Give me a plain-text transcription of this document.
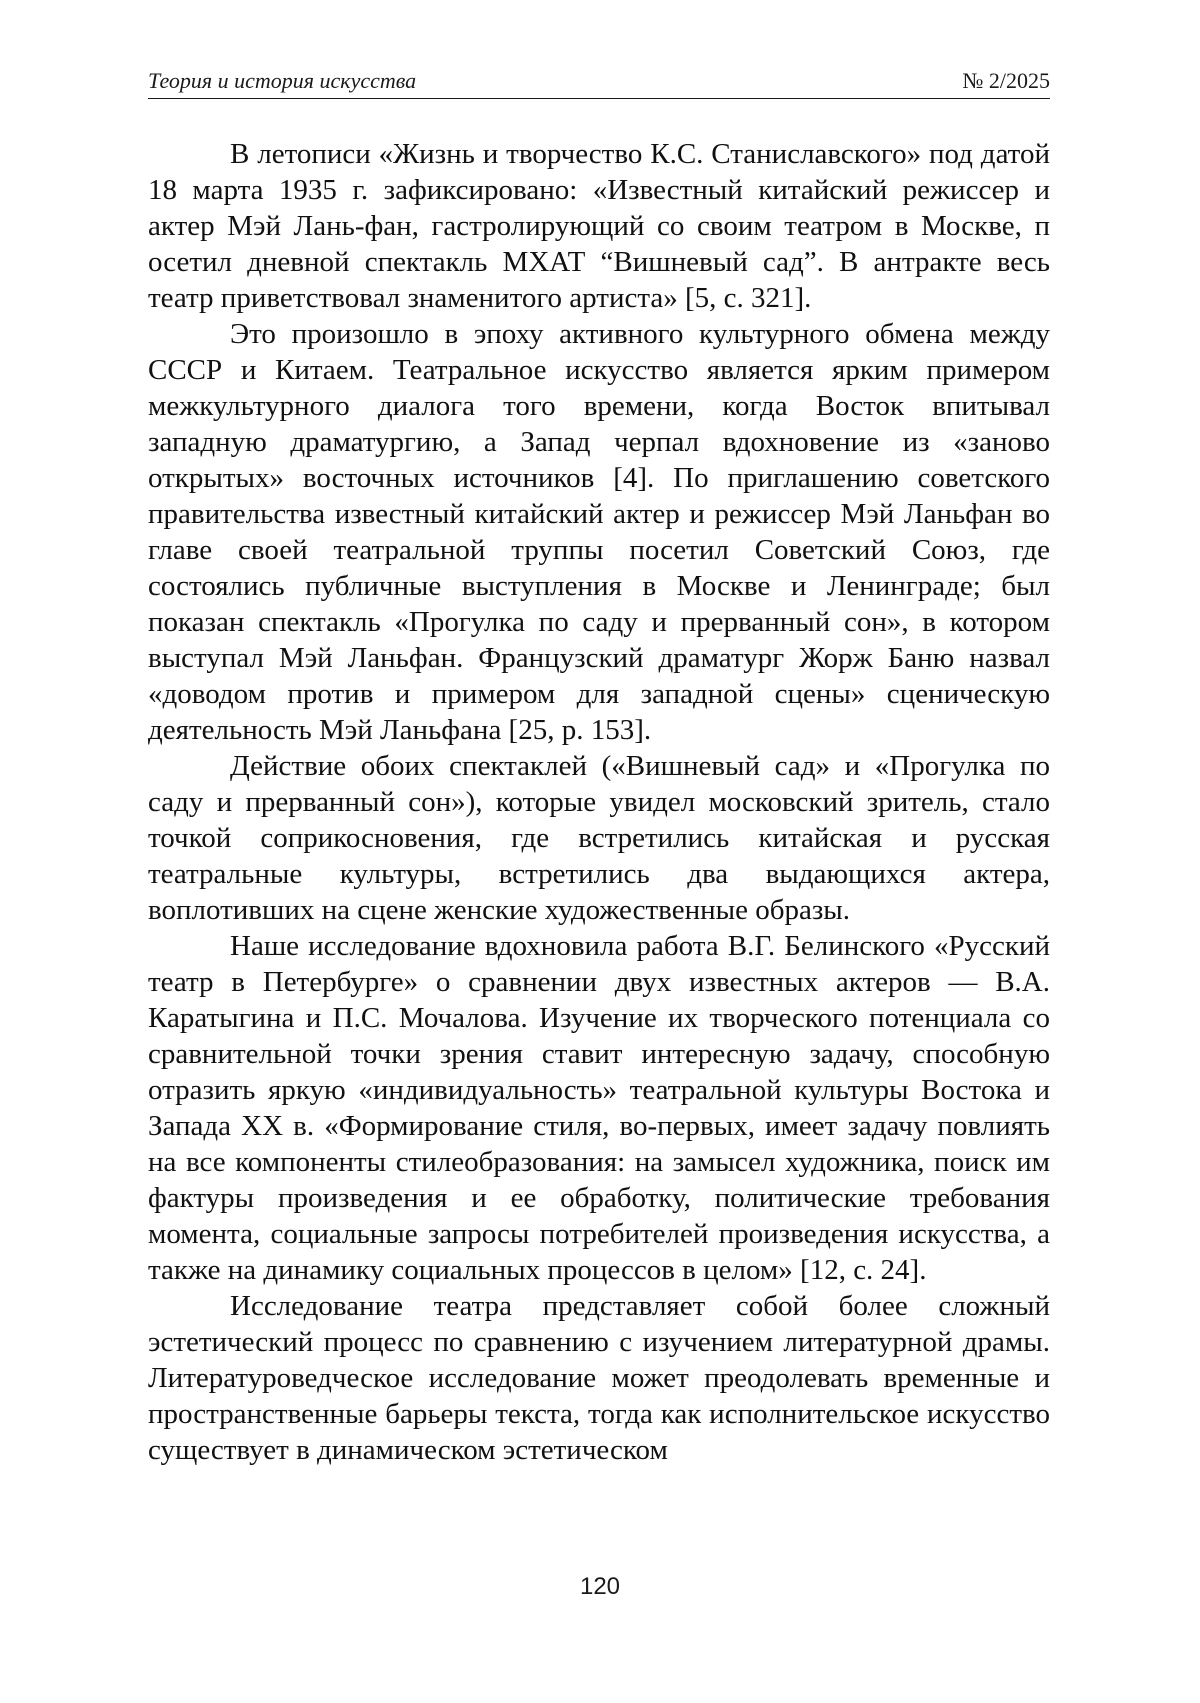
Теория и история искусства	№ 2/2025

В летописи «Жизнь и творчество К.С. Станиславского» под датой 18 марта 1935 г. зафиксировано: «Известный китайский режиссер и актер Мэй Лань-фан, гастролирующий со своим театром в Москве, п осетил дневной спектакль МХАТ “Вишневый сад”. В антракте весь театр приветствовал знаменитого артиста» [5, с. 321].

Это произошло в эпоху активного культурного обмена между СССР и Китаем. Театральное искусство является ярким примером межкультурного диалога того времени, когда Восток впитывал западную драматургию, а Запад черпал вдохновение из «заново открытых» восточных источников [4]. По приглашению советского правительства известный китайский актер и режиссер Мэй Ланьфан во главе своей театральной труппы посетил Советский Союз, где состоялись публичные выступления в Москве и Ленинграде; был показан спектакль «Прогулка по саду и прерванный сон», в котором выступал Мэй Ланьфан. Французский драматург Жорж Баню назвал «доводом против и примером для западной сцены» сценическую деятельность Мэй Ланьфана [25, p. 153].

Действие обоих спектаклей («Вишневый сад» и «Прогулка по саду и прерванный сон»), которые увидел московский зритель, стало точкой соприкосновения, где встретились китайская и русская театральные культуры, встретились два выдающихся актера, воплотивших на сцене женские художественные образы.

Наше исследование вдохновила работа В.Г. Белинского «Русский театр в Петербурге» о сравнении двух известных актеров — В.А. Каратыгина и П.С. Мочалова. Изучение их творческого потенциала со сравнительной точки зрения ставит интересную задачу, способную отразить яркую «индивидуальность» театральной культуры Востока и Запада XX в. «Формирование стиля, во-первых, имеет задачу повлиять на все компоненты стилеобразования: на замысел художника, поиск им фактуры произведения и ее обработку, политические требования момента, социальные запросы потребителей произведения искусства, а также на динамику социальных процессов в целом» [12, с. 24].

Исследование театра представляет собой более сложный эстетический процесс по сравнению с изучением литературной драмы. Литературоведческое исследование может преодолевать временные и пространственные барьеры текста, тогда как исполнительское искусство существует в динамическом эстетическом

120
